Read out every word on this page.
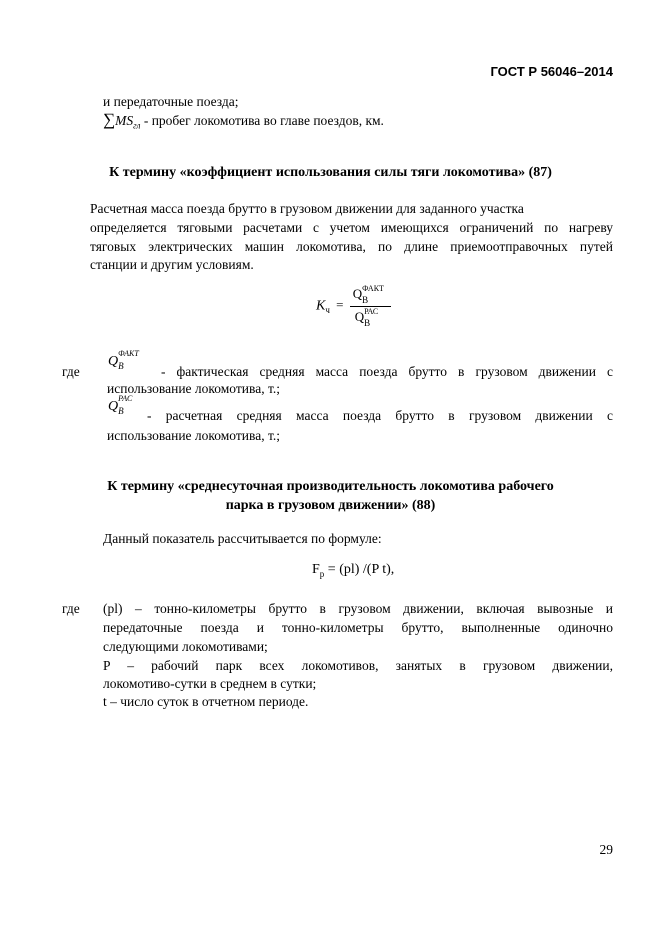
ГОСТ Р 56046–2014
и передаточные поезда;
$\sum MS_{гл}$ - пробег локомотива во главе поездов, км.
К термину «коэффициент использования силы тяги локомотива» (87)
Расчетная масса поезда брутто в грузовом движении для заданного участка
определяется тяговыми расчетами с учетом имеющихся ограничений по нагреву
тяговых электрических машин локомотива, по длине приемоотправочных путей
станции и другим условиям.
$K_ч = Q$ ФАКТ
В
Q РАС
В
где
Q
ФАКТ
B	- фактическая средняя масса поезда брутто в грузовом движении с
использование локомотива, т.;
Q
РАС
B - расчетная средняя масса поезда брутто в грузовом движении с
использование локомотива, т.;
К термину «среднесуточная производительность локомотива рабочего
парка в грузовом движении» (88)
Данный показатель рассчитывается по формуле:
$F_р = (pl)$ /(P t),
где (pl) – тонно-километры брутто в грузовом движении, включая вывозные и
передаточные поезда и тонно-километры брутто, выполненные одиночно
следующими локомотивами;
P – рабочий парк всех локомотивов, занятых в грузовом движении,
локомотиво-сутки в среднем в сутки;
t – число суток в отчетном периоде.
29
